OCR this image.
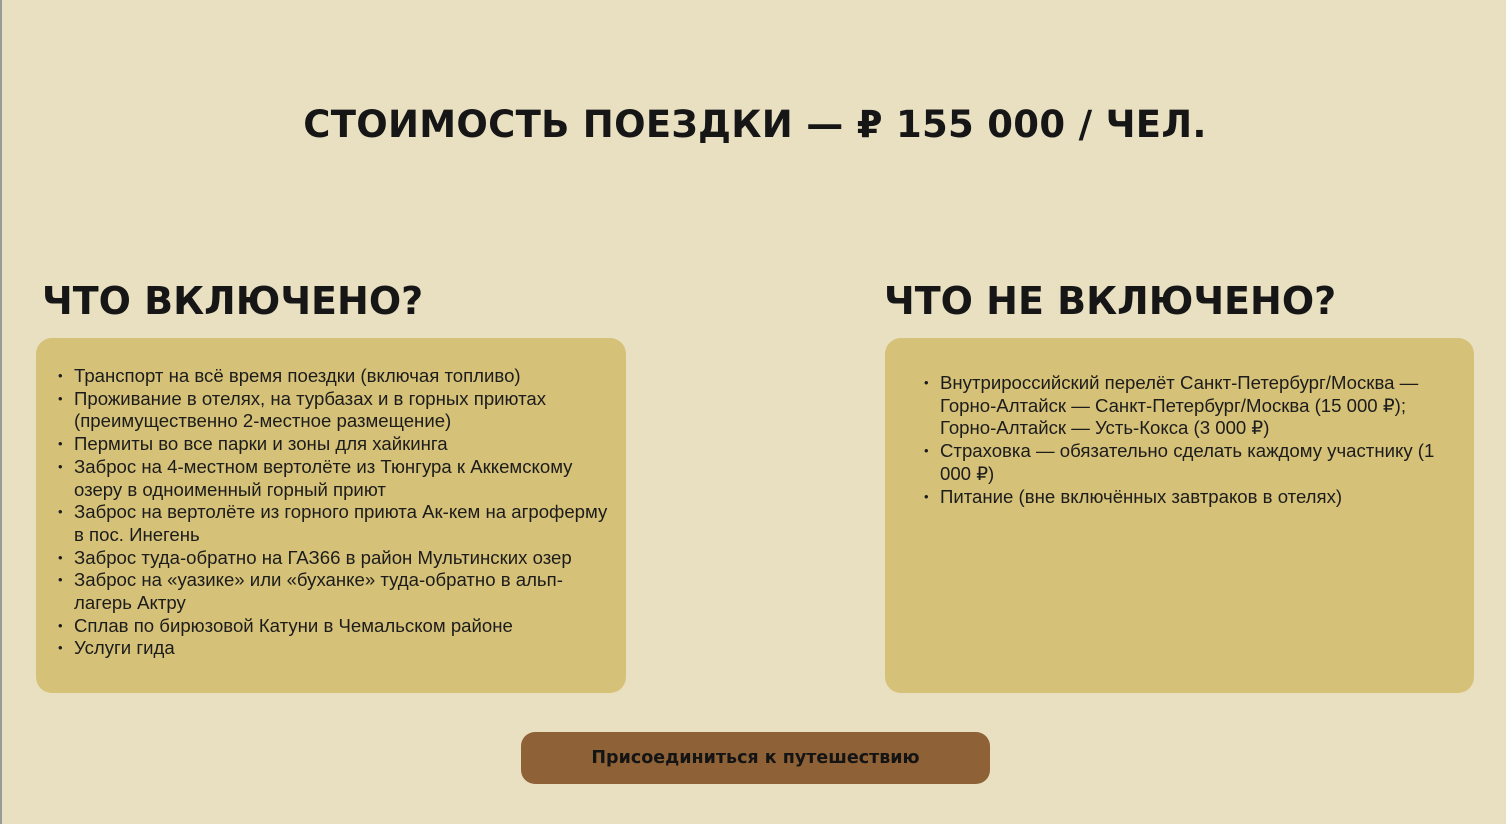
СТОИМОСТЬ ПОЕЗДКИ — ₽ 155 000 / ЧЕЛ.
ЧТО ВКЛЮЧЕНО?	ЧТО НЕ ВКЛЮЧЕНО?
• Транспорт на всё время поездки (включая топливо)
• Проживание в отелях, на турбазах и в горных приютах (преимущественно 2-местное размещение)
• Пермиты во все парки и зоны для хайкинга
• Заброс на 4-местном вертолёте из Тюнгура к Аккемскому озеру в одноименный горный приют
• Заброс на вертолёте из горного приюта Ак-кем на агроферму в пос. Инегень
• Заброс туда-обратно на ГАЗ66 в район Мультинских озер
• Заброс на «уазике» или «буханке» туда-обратно в альп-лагерь Актру
• Сплав по бирюзовой Катуни в Чемальском районе
• Услуги гида
• Внутрироссийский перелёт Санкт-Петербург/Москва — Горно-Алтайск — Санкт-Петербург/Москва (15 000 ₽); Горно-Алтайск — Усть-Кокса (3 000 ₽)
• Страховка — обязательно сделать каждому участнику (1 000 ₽)
• Питание (вне включённых завтраков в отелях)
Присоединиться к путешествию
